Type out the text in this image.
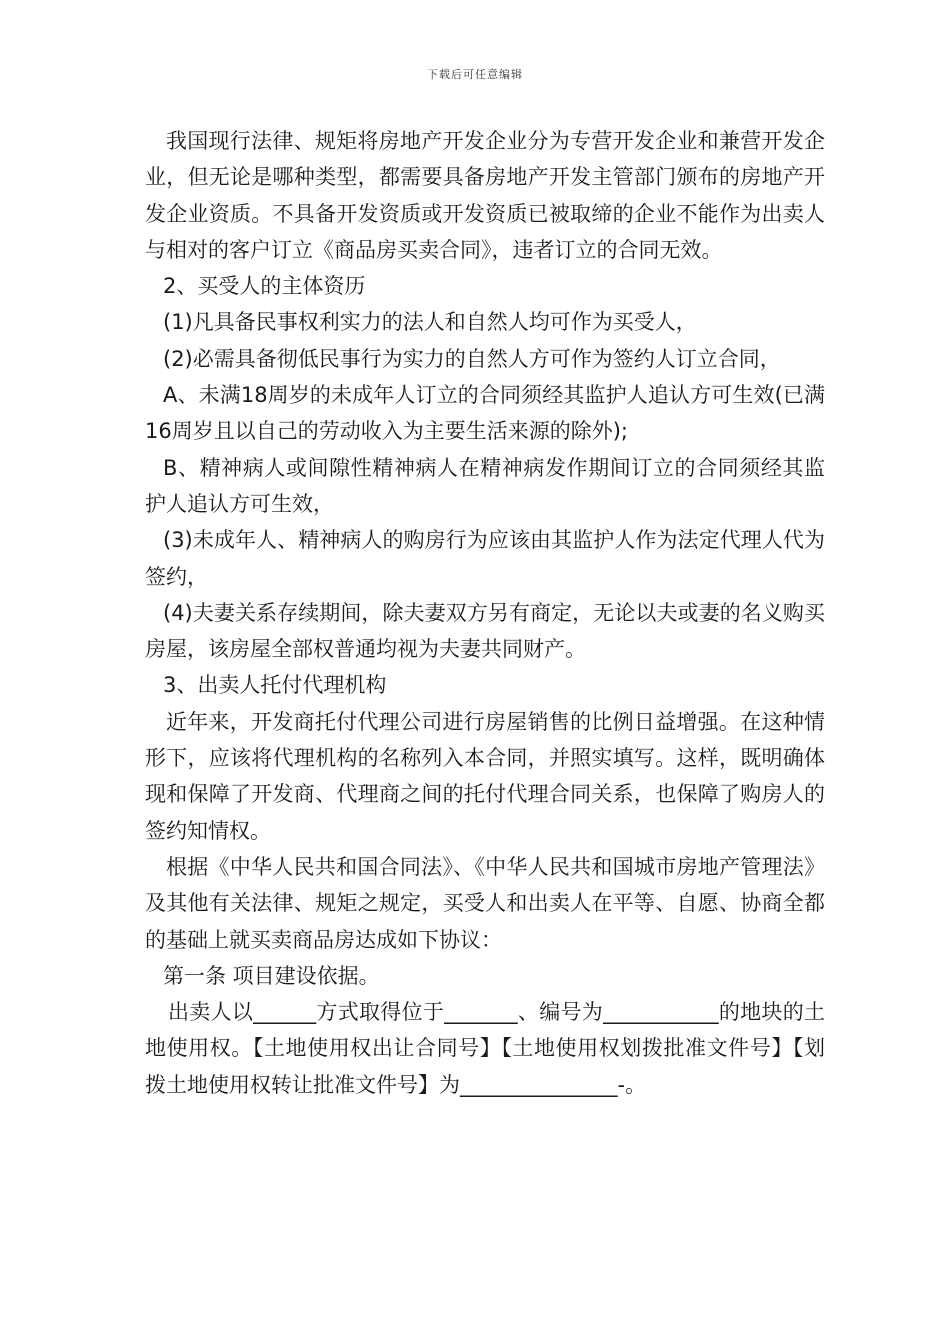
下载后可任意编辑

我国现行法律、规矩将房地产开发企业分为专营开发企业和兼营开发企业，但无论是哪种类型，都需要具备房地产开发主管部门颁布的房地产开发企业资质。不具备开发资质或开发资质已被取缔的企业不能作为出卖人与相对的客户订立《商品房买卖合同》，违者订立的合同无效。

2、买受人的主体资历

(1)凡具备民事权利实力的法人和自然人均可作为买受人，

(2)必需具备彻低民事行为实力的自然人方可作为签约人订立合同，

A、未满18周岁的未成年人订立的合同须经其监护人追认方可生效(已满16周岁且以自己的劳动收入为主要生活来源的除外);

B、精神病人或间隙性精神病人在精神病发作期间订立的合同须经其监护人追认方可生效，

(3)未成年人、精神病人的购房行为应该由其监护人作为法定代理人代为签约，

(4)夫妻关系存续期间，除夫妻双方另有商定，无论以夫或妻的名义购买房屋，该房屋全部权普通均视为夫妻共同财产。

3、出卖人托付代理机构

近年来，开发商托付代理公司进行房屋销售的比例日益增强。在这种情形下，应该将代理机构的名称列入本合同，并照实填写。这样，既明确体现和保障了开发商、代理商之间的托付代理合同关系，也保障了购房人的签约知情权。

根据《中华人民共和国合同法》、《中华人民共和国城市房地产管理法》及其他有关法律、规矩之规定，买受人和出卖人在平等、自愿、协商全都的基础上就买卖商品房达成如下协议：

第一条 项目建设依据。

出卖人以______方式取得位于_______、编号为___________的地块的土地使用权。【土地使用权出让合同号】【土地使用权划拨批准文件号】【划拨土地使用权转让批准文件号】为_______________-。
